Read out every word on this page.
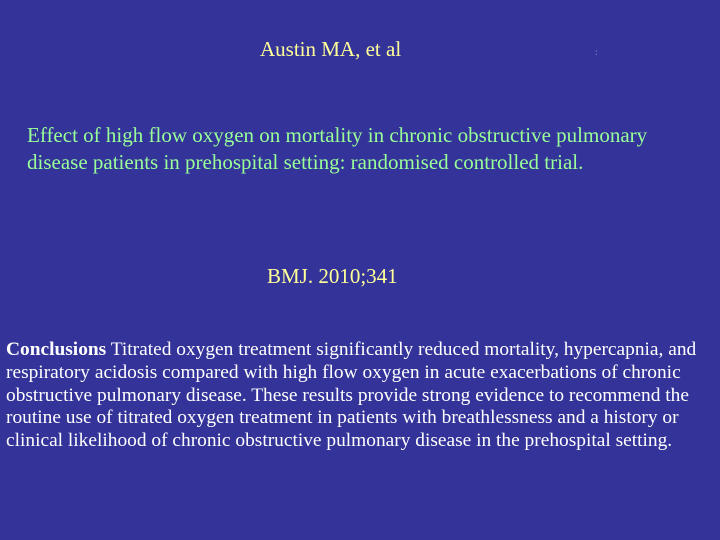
Austin MA, et al	:
Effect of high flow oxygen on mortality in chronic obstructive pulmonary disease patients in prehospital setting: randomised controlled trial.
BMJ. 2010;341
Conclusions Titrated oxygen treatment significantly reduced mortality, hypercapnia, and respiratory acidosis compared with high flow oxygen in acute exacerbations of chronic obstructive pulmonary disease. These results provide strong evidence to recommend the routine use of titrated oxygen treatment in patients with breathlessness and a history or clinical likelihood of chronic obstructive pulmonary disease in the prehospital setting.
